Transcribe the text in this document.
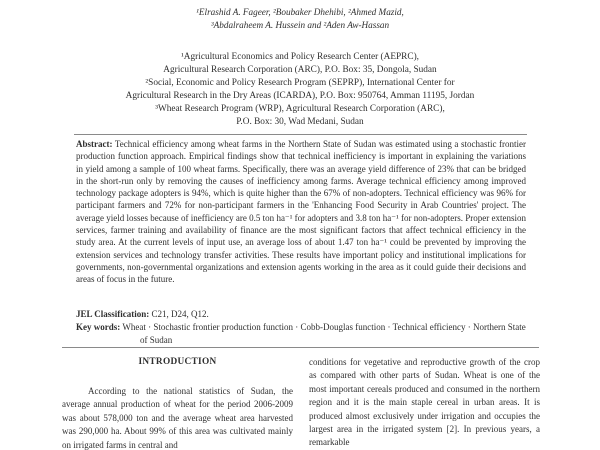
¹Elrashid A. Fageer, ²Boubaker Dhehibi, ²Ahmed Mazid,
³Abdalraheem A. Hussein and ²Aden Aw-Hassan
¹Agricultural Economics and Policy Research Center (AEPRC),
Agricultural Research Corporation (ARC), P.O. Box: 35, Dongola, Sudan
²Social, Economic and Policy Research Program (SEPRP), International Center for
Agricultural Research in the Dry Areas (ICARDA), P.O. Box: 950764, Amman 11195, Jordan
³Wheat Research Program (WRP), Agricultural Research Corporation (ARC),
P.O. Box: 30, Wad Medani, Sudan
Abstract: Technical efficiency among wheat farms in the Northern State of Sudan was estimated using a stochastic frontier production function approach. Empirical findings show that technical inefficiency is important in explaining the variations in yield among a sample of 100 wheat farms. Specifically, there was an average yield difference of 23% that can be bridged in the short-run only by removing the causes of inefficiency among farms. Average technical efficiency among improved technology package adopters is 94%, which is quite higher than the 67% of non-adopters. Technical efficiency was 96% for participant farmers and 72% for non-participant farmers in the 'Enhancing Food Security in Arab Countries' project. The average yield losses because of inefficiency are 0.5 ton ha⁻¹ for adopters and 3.8 ton ha⁻¹ for non-adopters. Proper extension services, farmer training and availability of finance are the most significant factors that affect technical efficiency in the study area. At the current levels of input use, an average loss of about 1.47 ton ha⁻¹ could be prevented by improving the extension services and technology transfer activities. These results have important policy and institutional implications for governments, non-governmental organizations and extension agents working in the area as it could guide their decisions and areas of focus in the future.
JEL Classification: C21, D24, Q12.
Key words: Wheat · Stochastic frontier production function · Cobb-Douglas function · Technical efficiency · Northern State of Sudan
INTRODUCTION

According to the national statistics of Sudan, the average annual production of wheat for the period 2006-2009 was about 578,000 ton and the average wheat area harvested was 290,000 ha. About 99% of this area was cultivated mainly on irrigated farms in central and

conditions for vegetative and reproductive growth of the crop as compared with other parts of Sudan. Wheat is one of the most important cereals produced and consumed in the northern region and it is the main staple cereal in urban areas. It is produced almost exclusively under irrigation and occupies the largest area in the irrigated system [2]. In previous years, a remarkable
